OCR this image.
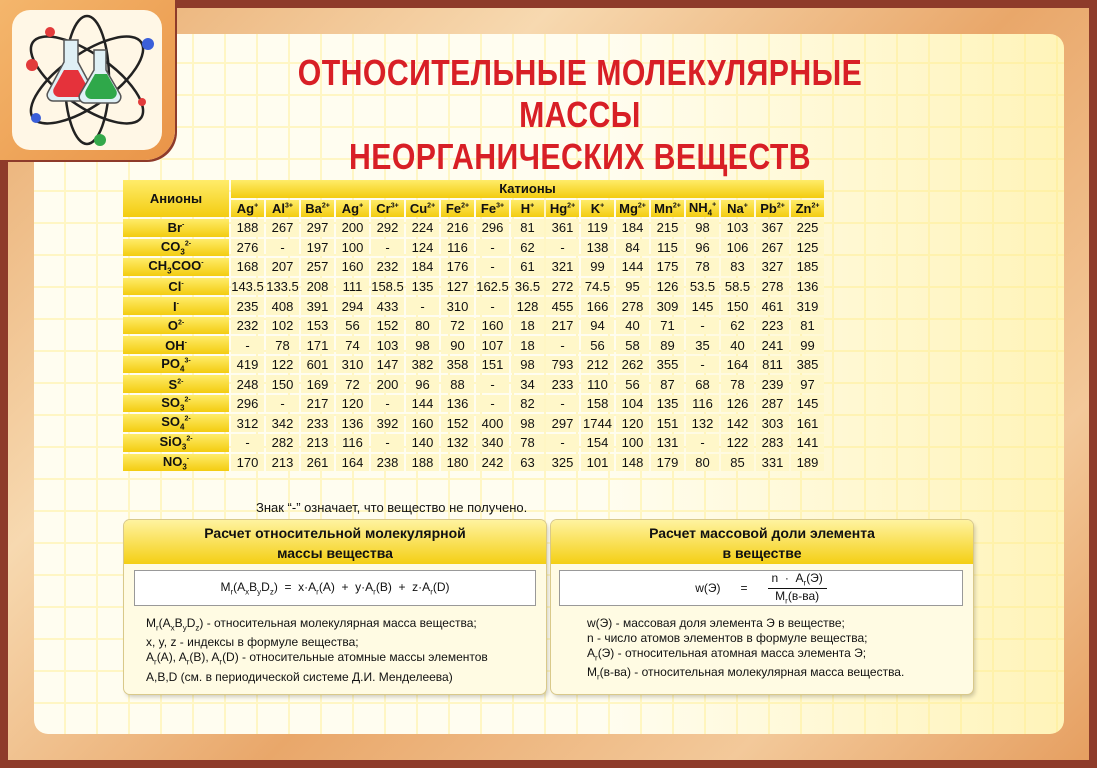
ОТНОСИТЕЛЬНЫЕ МОЛЕКУЛЯРНЫЕ МАССЫ
НЕОРГАНИЧЕСКИХ ВЕЩЕСТВ
Анионы	Катионы																
	Ag+	$Al^{3+}$	$Ba^{2+}$	Ag+	$Cr^{3+}$	$Cu^{2+}$	$Fe^{2+}$	$Fe^{3+}$	H+	$Hg^{2+}$	K+	$Mg^{2+}$	$Mn^{2+}$	$NH_4^+$	Na+	$Pb^{2+}$	$Zn^{2+}$
Br-	188	267	297	200	292	224	216	296	81	361	119	184	215	98	103	367	225
$CO_3^{2-}$	276	-	197	100	-	124	116	-	62	-	138	84	115	96	106	267	125
$CH_3COO^-$	168	207	257	160	232	184	176	-	61	321	99	144	175	78	83	327	185
Cl-	143.5	133.5	208	111	158.5	135	127	162.5	36.5	272	74.5	95	126	53.5	58.5	278	136
I-	235	408	391	294	433	-	310	-	128	455	166	278	309	145	150	461	319
$O^{2-}$	232	102	153	56	152	80	72	160	18	217	94	40	71	-	62	223	81
OH-	-	78	171	74	103	98	90	107	18	-	56	58	89	35	40	241	99
$PO_4^{3-}$	419	122	601	310	147	382	358	151	98	793	212	262	355	-	164	811	385
$S^{2-}$	248	150	169	72	200	96	88	-	34	233	110	56	87	68	78	239	97
$SO_3^{2-}$	296	-	217	120	-	144	136	-	82	-	158	104	135	116	126	287	145
$SO_4^{2-}$	312	342	233	136	392	160	152	400	98	297	1744	120	151	132	142	303	161
SiO$_3^{2-}$	-	282	213	116	-	140	132	340	78	-	154	100	131	-	122	283	141
$NO_3^-$	170	213	261	164	238	188	180	242	63	325	101	148	179	80	85	331	189
Знак “-” означает, что вещество не получено.
Расчет относительной молекулярной
массы вещества
$M_r(A_xB_yD_z) = x\cdot A_r(A) + y\cdot A_r(B) + z\cdot A_r(D)$
$M_r(A_xB_yD_z)$ - относительная молекулярная масса вещества;
x, y, z - индексы в формуле вещества;
$A_r(A)$, $A_r(B)$, $A_r(D)$ - относительные атомные массы элементов
A,B,D (см. в периодической системе Д.И. Менделеева)
Расчет массовой доли элемента
в веществе
$w(Э) = \frac{n \cdot A_r(Э)}{M_r(в-ва)}$
w(Э) - массовая доля элемента Э в веществе;
n - число атомов элементов в формуле вещества;
$A_r(Э)$ - относительная атомная масса элемента Э;
$M_r(в-ва)$ - относительная молекулярная масса вещества.
